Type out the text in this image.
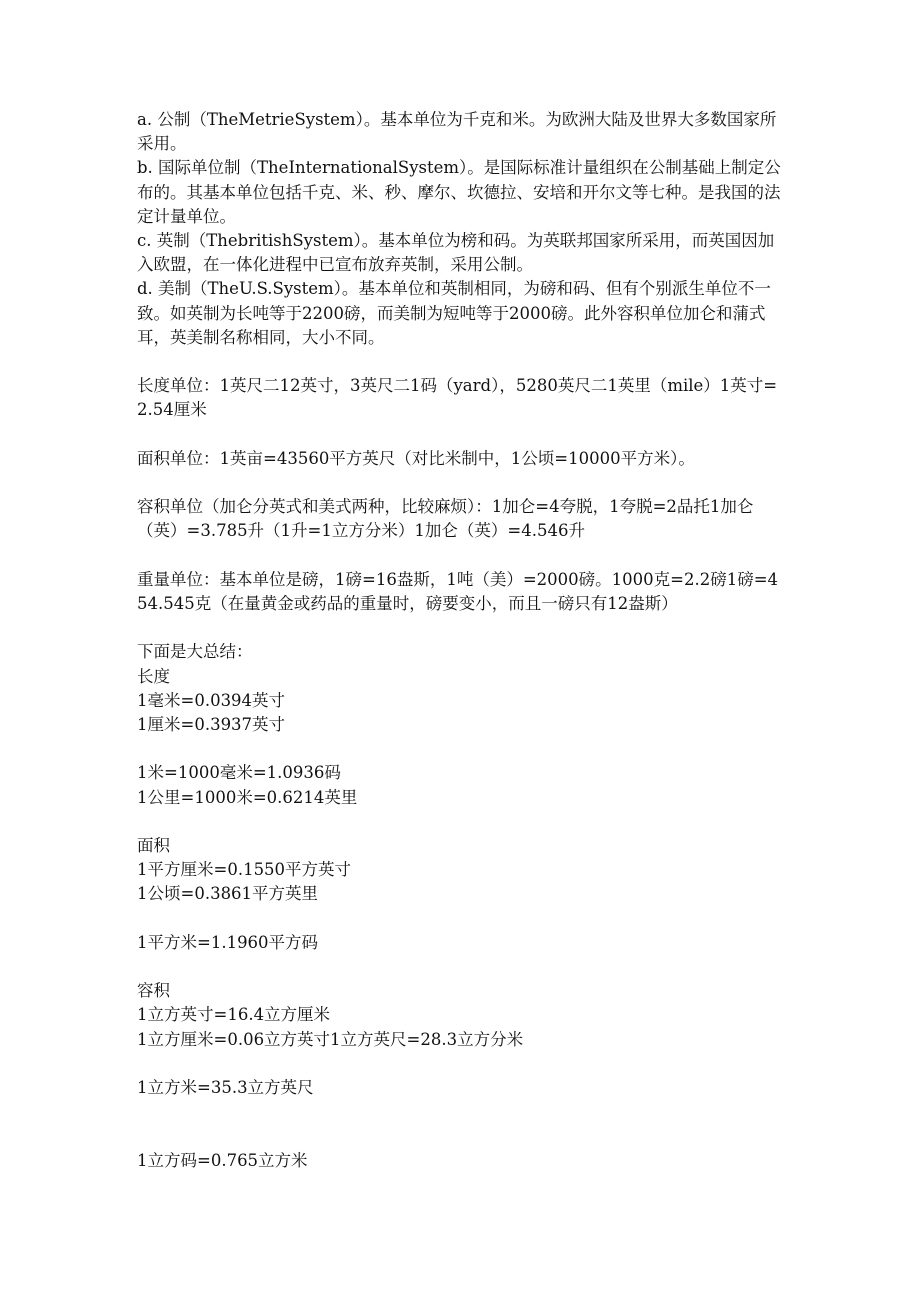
a. 公制（TheMetrieSystem）。基本单位为千克和米。为欧洲大陆及世界大多数国家所采用。

b. 国际单位制（TheInternationalSystem）。是国际标准计量组织在公制基础上制定公布的。其基本单位包括千克、米、秒、摩尔、坎德拉、安培和开尔文等七种。是我国的法定计量单位。

c. 英制（ThebritishSystem）。基本单位为榜和码。为英联邦国家所采用，而英国因加入欧盟，在一体化进程中已宣布放弃英制，采用公制。

d. 美制（TheU.S.System）。基本单位和英制相同，为磅和码、但有个别派生单位不一致。如英制为长吨等于2200磅，而美制为短吨等于2000磅。此外容积单位加仑和蒲式耳，英美制名称相同，大小不同。

长度单位：1英尺二12英寸，3英尺二1码（yard），5280英尺二1英里（mile）1英寸=2.54厘米

面积单位：1英亩=43560平方英尺（对比米制中，1公顷=10000平方米）。

容积单位（加仑分英式和美式两种，比较麻烦）：1加仑=4夸脱，1夸脱=2品托1加仑（英）=3.785升（1升=1立方分米）1加仑（英）=4.546升

重量单位：基本单位是磅，1磅=16盎斯，1吨（美）=2000磅。1000克=2.2磅1磅=454.545克（在量黄金或药品的重量时，磅要变小，而且一磅只有12盎斯）

下面是大总结：

长度

1毫米=0.0394英寸

1厘米=0.3937英寸

1米=1000毫米=1.0936码

1公里=1000米=0.6214英里

面积

1平方厘米=0.1550平方英寸

1公顷=0.3861平方英里

1平方米=1.1960平方码

容积

1立方英寸=16.4立方厘米

1立方厘米=0.06立方英寸1立方英尺=28.3立方分米

1立方米=35.3立方英尺

1立方码=0.765立方米
